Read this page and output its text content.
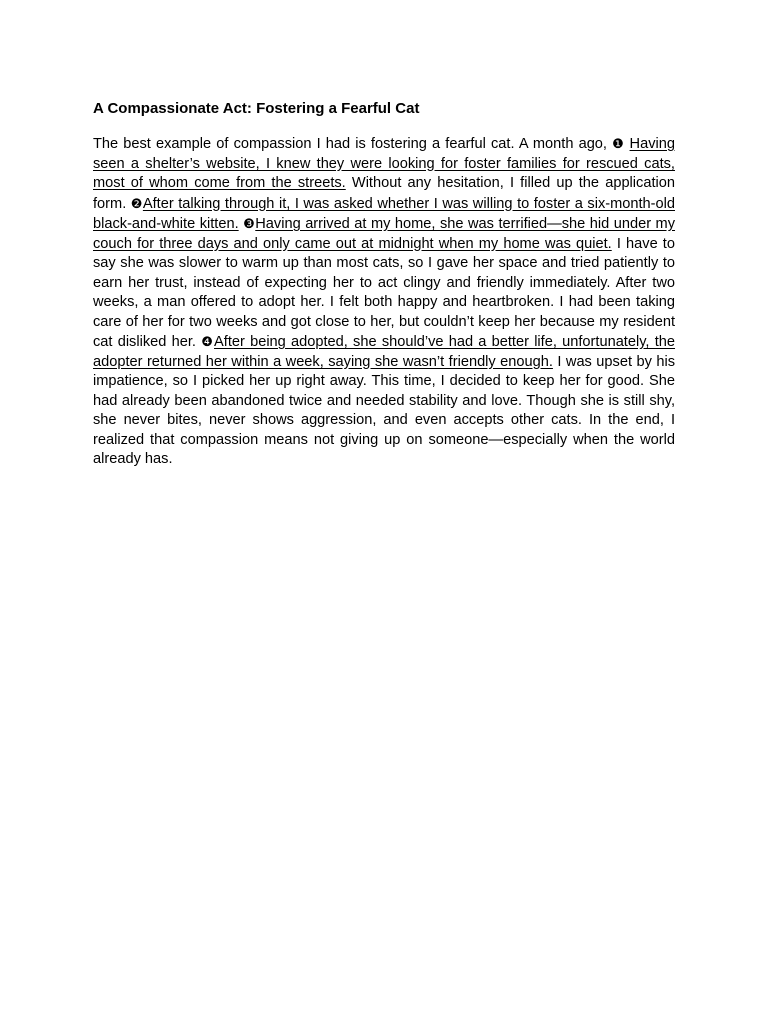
A Compassionate Act: Fostering a Fearful Cat

The best example of compassion I had is fostering a fearful cat. A month ago, ❶ Having seen a shelter’s website, I knew they were looking for foster families for rescued cats, most of whom come from the streets. Without any hesitation, I filled up the application form. ❷After talking through it, I was asked whether I was willing to foster a six-month-old black-and-white kitten. ❸Having arrived at my home, she was terrified—she hid under my couch for three days and only came out at midnight when my home was quiet. I have to say she was slower to warm up than most cats, so I gave her space and tried patiently to earn her trust, instead of expecting her to act clingy and friendly immediately. After two weeks, a man offered to adopt her. I felt both happy and heartbroken. I had been taking care of her for two weeks and got close to her, but couldn’t keep her because my resident cat disliked her. ❹After being adopted, she should’ve had a better life, unfortunately, the adopter returned her within a week, saying she wasn’t friendly enough. I was upset by his impatience, so I picked her up right away. This time, I decided to keep her for good. She had already been abandoned twice and needed stability and love. Though she is still shy, she never bites, never shows aggression, and even accepts other cats. In the end, I realized that compassion means not giving up on someone—especially when the world already has.
